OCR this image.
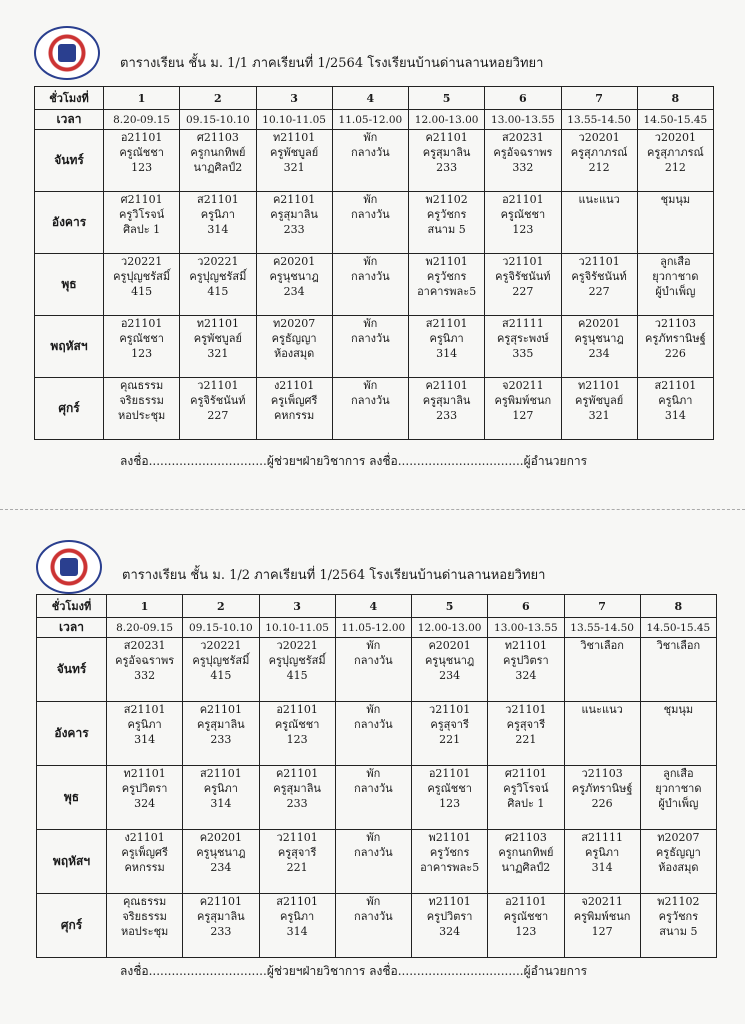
ตารางเรียน ชั้น ม. 1/1 ภาคเรียนที่ 1/2564 โรงเรียนบ้านด่านลานหอยวิทยา
ชั่วโมงที่	1	2	3	4	5	6	7	8
เวลา	8.20-09.15	09.15-10.10	10.10-11.05	11.05-12.00	12.00-13.00	13.00-13.55	13.55-14.50	14.50-15.45
จันทร์	อ21101
ครูณัชชา
123	ศ21103
ครูกนกทิพย์
นาฏศิลป์2	ท21101
ครูพัชบูลย์
321	พัก
กลางวัน	ค21101
ครูสุมาลิน
233	ส20231
ครูอัจฉราพร
332	ว20201
ครูสุภาภรณ์
212	ว20201
ครูสุภาภรณ์
212

อังคาร	ศ21101
ครูวิโรจน์
ศิลปะ 1	ส21101
ครูนิภา
314	ค21101
ครูสุมาลิน
233	พัก
กลางวัน	พ21102
ครูวัชกร
สนาม 5	อ21101
ครูณัชชา
123	แนะแนว	ชุมนุม

พุธ	ว20221
ครูปุญชรัสมิ์
415	ว20221
ครูปุญชรัสมิ์
415	ค20201
ครูนุชนาฎ
234	พัก
กลางวัน	พ21101
ครูวัชกร
อาคารพละ5	ว21101
ครูจิรัชนันท์
227	ว21101
ครูจิรัชนันท์
227	ลูกเสือ
ยุวกาชาด
ผู้บำเพ็ญ

พฤหัสฯ	อ21101
ครูณัชชา
123	ท21101
ครูพัชบูลย์
321	ท20207
ครูธัญญา
ห้องสมุด	พัก
กลางวัน	ส21101
ครูนิภา
314	ส21111
ครูสุระพงษ์
335	ค20201
ครูนุชนาฎ
234	ว21103
ครูภัทรานิษฐ์
226

ศุกร์	คุณธรรม
จริยธรรม
หอประชุม	ว21101
ครูจิรัชนันท์
227	ง21101
ครูเพ็ญศรี
คหกรรม	พัก
กลางวัน	ค21101
ครูสุมาลิน
233	จ20211
ครูพิมพ์ชนก
127	ท21101
ครูพัชบูลย์
321	ส21101
ครูนิภา
314
ลงชื่อ...............................ผู้ช่วยฯฝ่ายวิชาการ ลงชื่อ.................................ผู้อำนวยการ
ตารางเรียน ชั้น ม. 1/2 ภาคเรียนที่ 1/2564 โรงเรียนบ้านด่านลานหอยวิทยา
ชั่วโมงที่	1	2	3	4	5	6	7	8
เวลา	8.20-09.15	09.15-10.10	10.10-11.05	11.05-12.00	12.00-13.00	13.00-13.55	13.55-14.50	14.50-15.45
จันทร์	ส20231
ครูอัจฉราพร
332	ว20221
ครูปุญชรัสมิ์
415	ว20221
ครูปุญชรัสมิ์
415	พัก
กลางวัน	ค20201
ครูนุชนาฎ
234	ท21101
ครูปวิตรา
324	วิชาเลือก	วิชาเลือก

อังคาร	ส21101
ครูนิภา
314	ค21101
ครูสุมาลิน
233	อ21101
ครูณัชชา
123	พัก
กลางวัน	ว21101
ครูสุจารี
221	ว21101
ครูสุจารี
221	แนะแนว	ชุมนุม

พุธ	ท21101
ครูปวิตรา
324	ส21101
ครูนิภา
314	ค21101
ครูสุมาลิน
233	พัก
กลางวัน	อ21101
ครูณัชชา
123	ศ21101
ครูวิโรจน์
ศิลปะ 1	ว21103
ครูภัทรานิษฐ์
226	ลูกเสือ
ยุวกาชาด
ผู้บำเพ็ญ

พฤหัสฯ	ง21101
ครูเพ็ญศรี
คหกรรม	ค20201
ครูนุชนาฎ
234	ว21101
ครูสุจารี
221	พัก
กลางวัน	พ21101
ครูวัชกร
อาคารพละ5	ศ21103
ครูกนกทิพย์
นาฏศิลป์2	ส21111
ครูนิภา
314	ท20207
ครูธัญญา
ห้องสมุด

ศุกร์	คุณธรรม
จริยธรรม
หอประชุม	ค21101
ครูสุมาลิน
233	ส21101
ครูนิภา
314	พัก
กลางวัน	ท21101
ครูปวิตรา
324	อ21101
ครูณัชชา
123	จ20211
ครูพิมพ์ชนก
127	พ21102
ครูวัชกร
สนาม 5
ลงชื่อ...............................ผู้ช่วยฯฝ่ายวิชาการ ลงชื่อ.................................ผู้อำนวยการ
